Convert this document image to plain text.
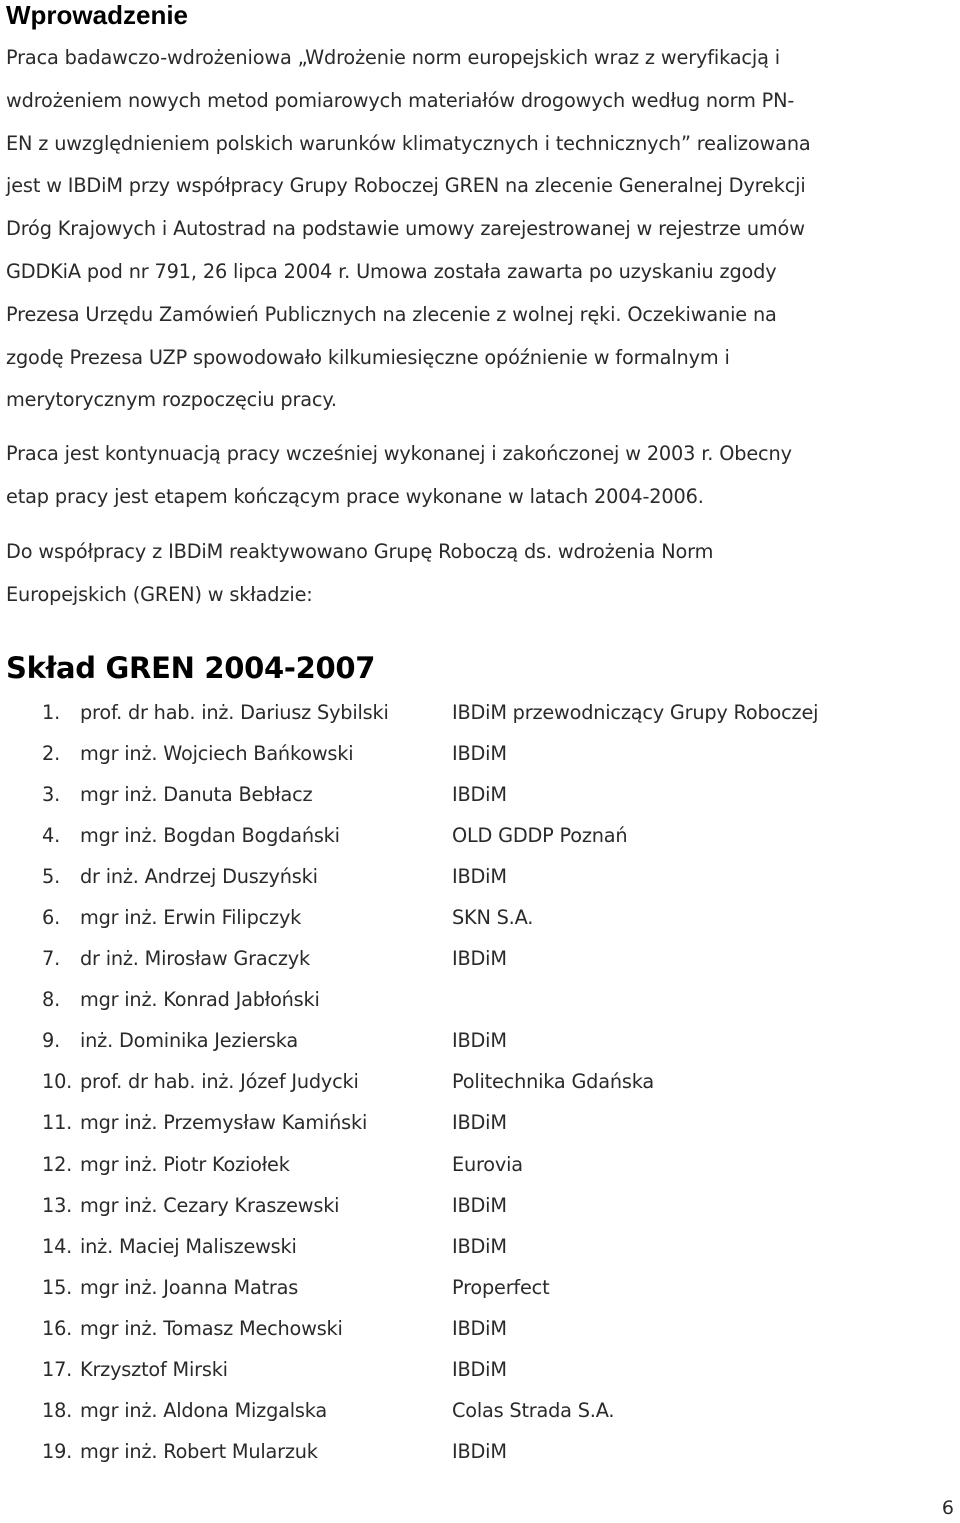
Wprowadzenie

Praca badawczo-wdrożeniowa „Wdrożenie norm europejskich wraz z weryfikacją i
wdrożeniem nowych metod pomiarowych materiałów drogowych według norm PN-
EN z uwzględnieniem polskich warunków klimatycznych i technicznych” realizowana
jest w IBDiM przy współpracy Grupy Roboczej GREN na zlecenie Generalnej Dyrekcji
Dróg Krajowych i Autostrad na podstawie umowy zarejestrowanej w rejestrze umów
GDDKiA pod nr 791, 26 lipca 2004 r. Umowa została zawarta po uzyskaniu zgody
Prezesa Urzędu Zamówień Publicznych na zlecenie z wolnej ręki. Oczekiwanie na
zgodę Prezesa UZP spowodowało kilkumiesięczne opóźnienie w formalnym i
merytorycznym rozpoczęciu pracy.

Praca jest kontynuacją pracy wcześniej wykonanej i zakończonej w 2003 r. Obecny
etap pracy jest etapem kończącym prace wykonane w latach 2004-2006.

Do współpracy z IBDiM reaktywowano Grupę Roboczą ds. wdrożenia Norm
Europejskich (GREN) w składzie:

Skład GREN 2004-2007
1. prof. dr hab. inż. Dariusz Sybilski	IBDiM przewodniczący Grupy Roboczej
2. mgr inż. Wojciech Bańkowski	IBDiM
3. mgr inż. Danuta Bebłacz	IBDiM
4. mgr inż. Bogdan Bogdański	OLD GDDP Poznań
5. dr inż. Andrzej Duszyński	IBDiM
6. mgr inż. Erwin Filipczyk	SKN S.A.
7. dr inż. Mirosław Graczyk	IBDiM
8. mgr inż. Konrad Jabłoński
9. inż. Dominika Jezierska	IBDiM
10. prof. dr hab. inż. Józef Judycki	Politechnika Gdańska
11. mgr inż. Przemysław Kamiński	IBDiM
12. mgr inż. Piotr Koziołek	Eurovia
13. mgr inż. Cezary Kraszewski	IBDiM
14. inż. Maciej Maliszewski	IBDiM
15. mgr inż. Joanna Matras	Properfect
16. mgr inż. Tomasz Mechowski	IBDiM
17. Krzysztof Mirski	IBDiM
18. mgr inż. Aldona Mizgalska	Colas Strada S.A.
19. mgr inż. Robert Mularzuk	IBDiM
6
